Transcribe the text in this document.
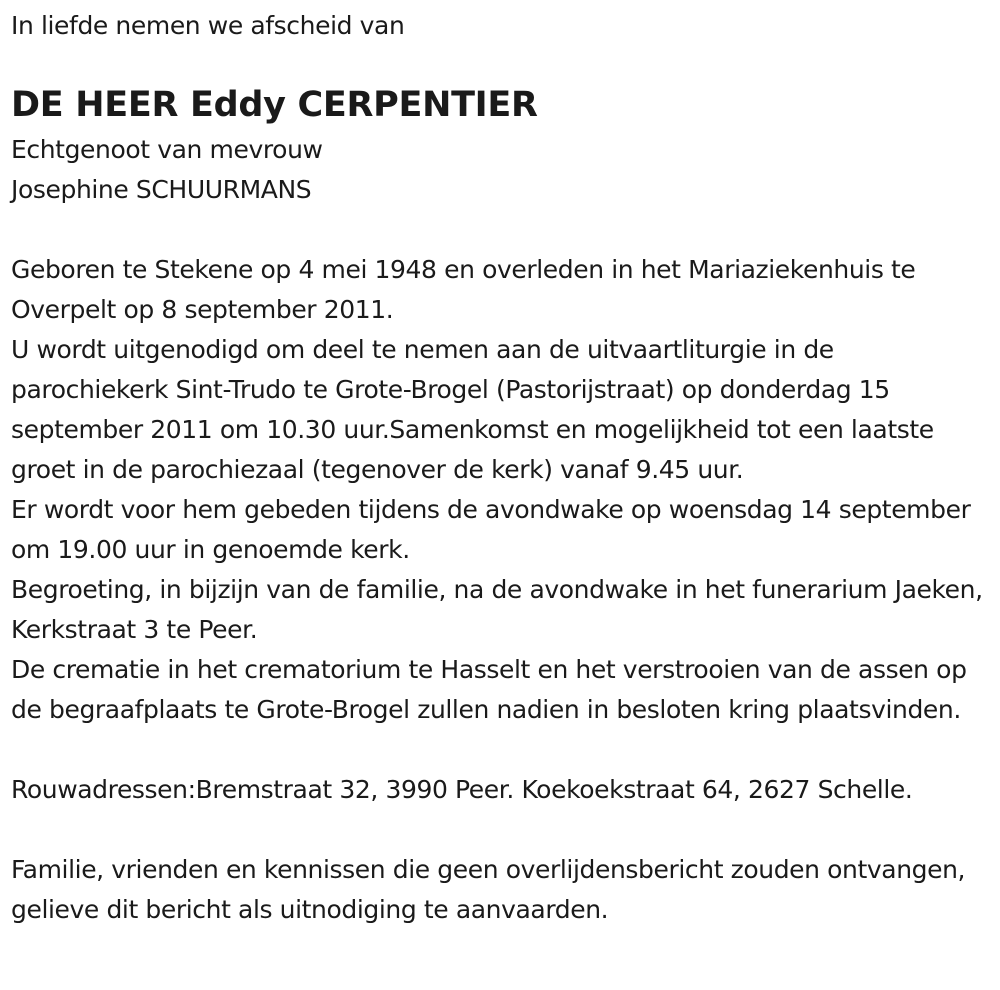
In liefde nemen we afscheid van

DE HEER Eddy CERPENTIER

Echtgenoot van mevrouw

Josephine SCHUURMANS

Geboren te Stekene op 4 mei 1948 en overleden in het Mariaziekenhuis te Overpelt op 8 september 2011.

U wordt uitgenodigd om deel te nemen aan de uitvaartliturgie in de parochiekerk Sint-Trudo te Grote-Brogel (Pastorijstraat) op donderdag 15 september 2011 om 10.30 uur.Samenkomst en mogelijkheid tot een laatste groet in de parochiezaal (tegenover de kerk) vanaf 9.45 uur.

Er wordt voor hem gebeden tijdens de avondwake op woensdag 14 september om 19.00 uur in genoemde kerk.

Begroeting, in bijzijn van de familie, na de avondwake in het funerarium Jaeken, Kerkstraat 3 te Peer.

De crematie in het crematorium te Hasselt en het verstrooien van de assen op de begraafplaats te Grote-Brogel zullen nadien in besloten kring plaatsvinden.

Rouwadressen:Bremstraat 32, 3990 Peer. Koekoekstraat 64, 2627 Schelle.

Familie, vrienden en kennissen die geen overlijdensbericht zouden ontvangen, gelieve dit bericht als uitnodiging te aanvaarden.
